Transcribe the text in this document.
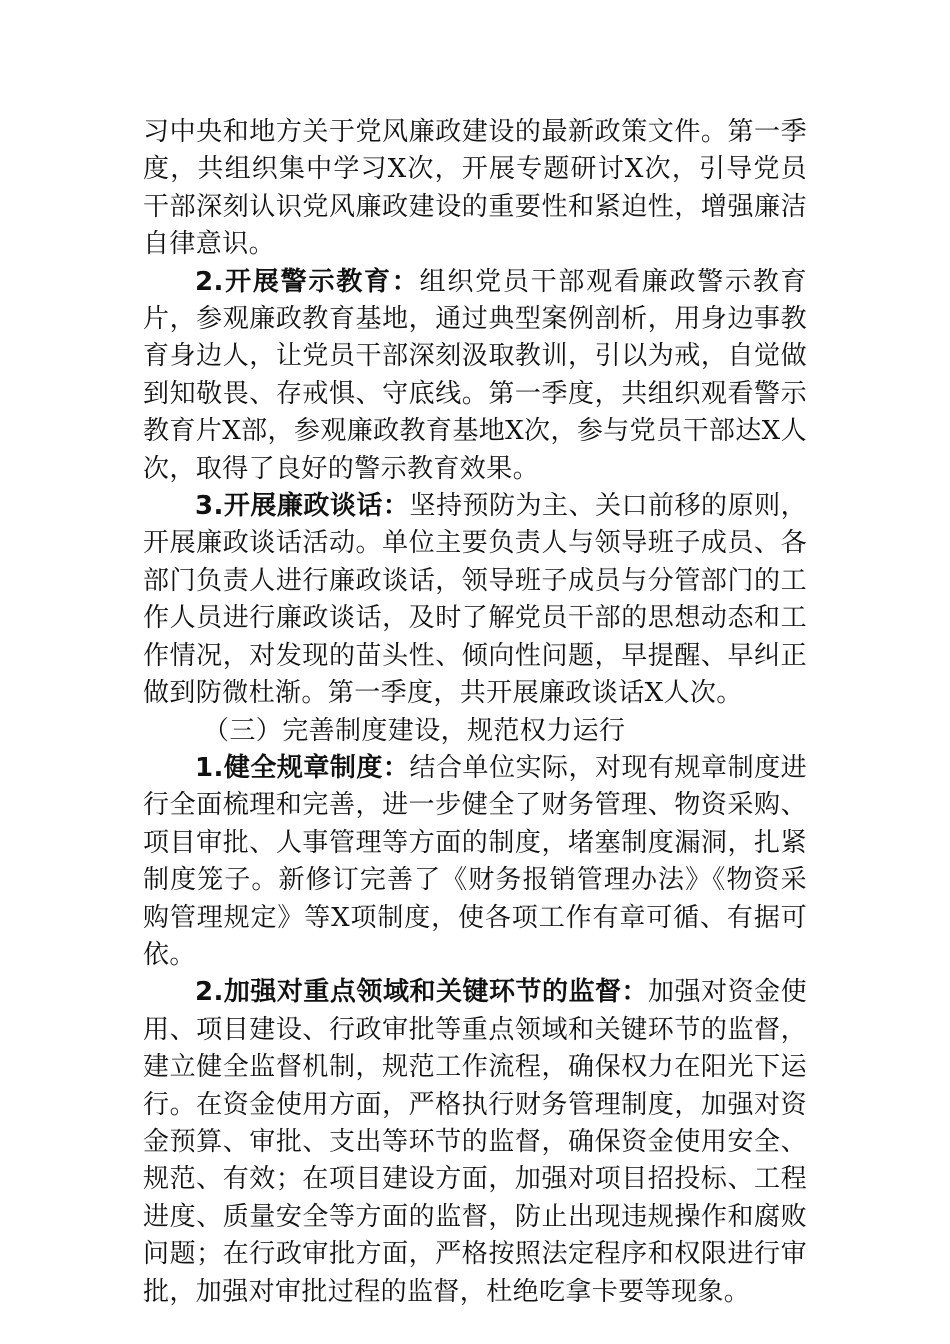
习中央和地方关于党风廉政建设的最新政策文件。第一季度，共组织集中学习X次，开展专题研讨X次，引导党员干部深刻认识党风廉政建设的重要性和紧迫性，增强廉洁自律意识。

2.开展警示教育：组织党员干部观看廉政警示教育片，参观廉政教育基地，通过典型案例剖析，用身边事教育身边人，让党员干部深刻汲取教训，引以为戒，自觉做到知敬畏、存戒惧、守底线。第一季度，共组织观看警示教育片X部，参观廉政教育基地X次，参与党员干部达X人次，取得了良好的警示教育效果。

3.开展廉政谈话：坚持预防为主、关口前移的原则，开展廉政谈话活动。单位主要负责人与领导班子成员、各部门负责人进行廉政谈话，领导班子成员与分管部门的工作人员进行廉政谈话，及时了解党员干部的思想动态和工作情况，对发现的苗头性、倾向性问题，早提醒、早纠正做到防微杜渐。第一季度，共开展廉政谈话X人次。

（三）完善制度建设，规范权力运行

1.健全规章制度：结合单位实际，对现有规章制度进行全面梳理和完善，进一步健全了财务管理、物资采购、项目审批、人事管理等方面的制度，堵塞制度漏洞，扎紧制度笼子。新修订完善了《财务报销管理办法》《物资采购管理规定》等X项制度，使各项工作有章可循、有据可依。

2.加强对重点领域和关键环节的监督：加强对资金使用、项目建设、行政审批等重点领域和关键环节的监督，建立健全监督机制，规范工作流程，确保权力在阳光下运行。在资金使用方面，严格执行财务管理制度，加强对资金预算、审批、支出等环节的监督，确保资金使用安全、规范、有效；在项目建设方面，加强对项目招投标、工程进度、质量安全等方面的监督，防止出现违规操作和腐败问题；在行政审批方面，严格按照法定程序和权限进行审批，加强对审批过程的监督，杜绝吃拿卡要等现象。
